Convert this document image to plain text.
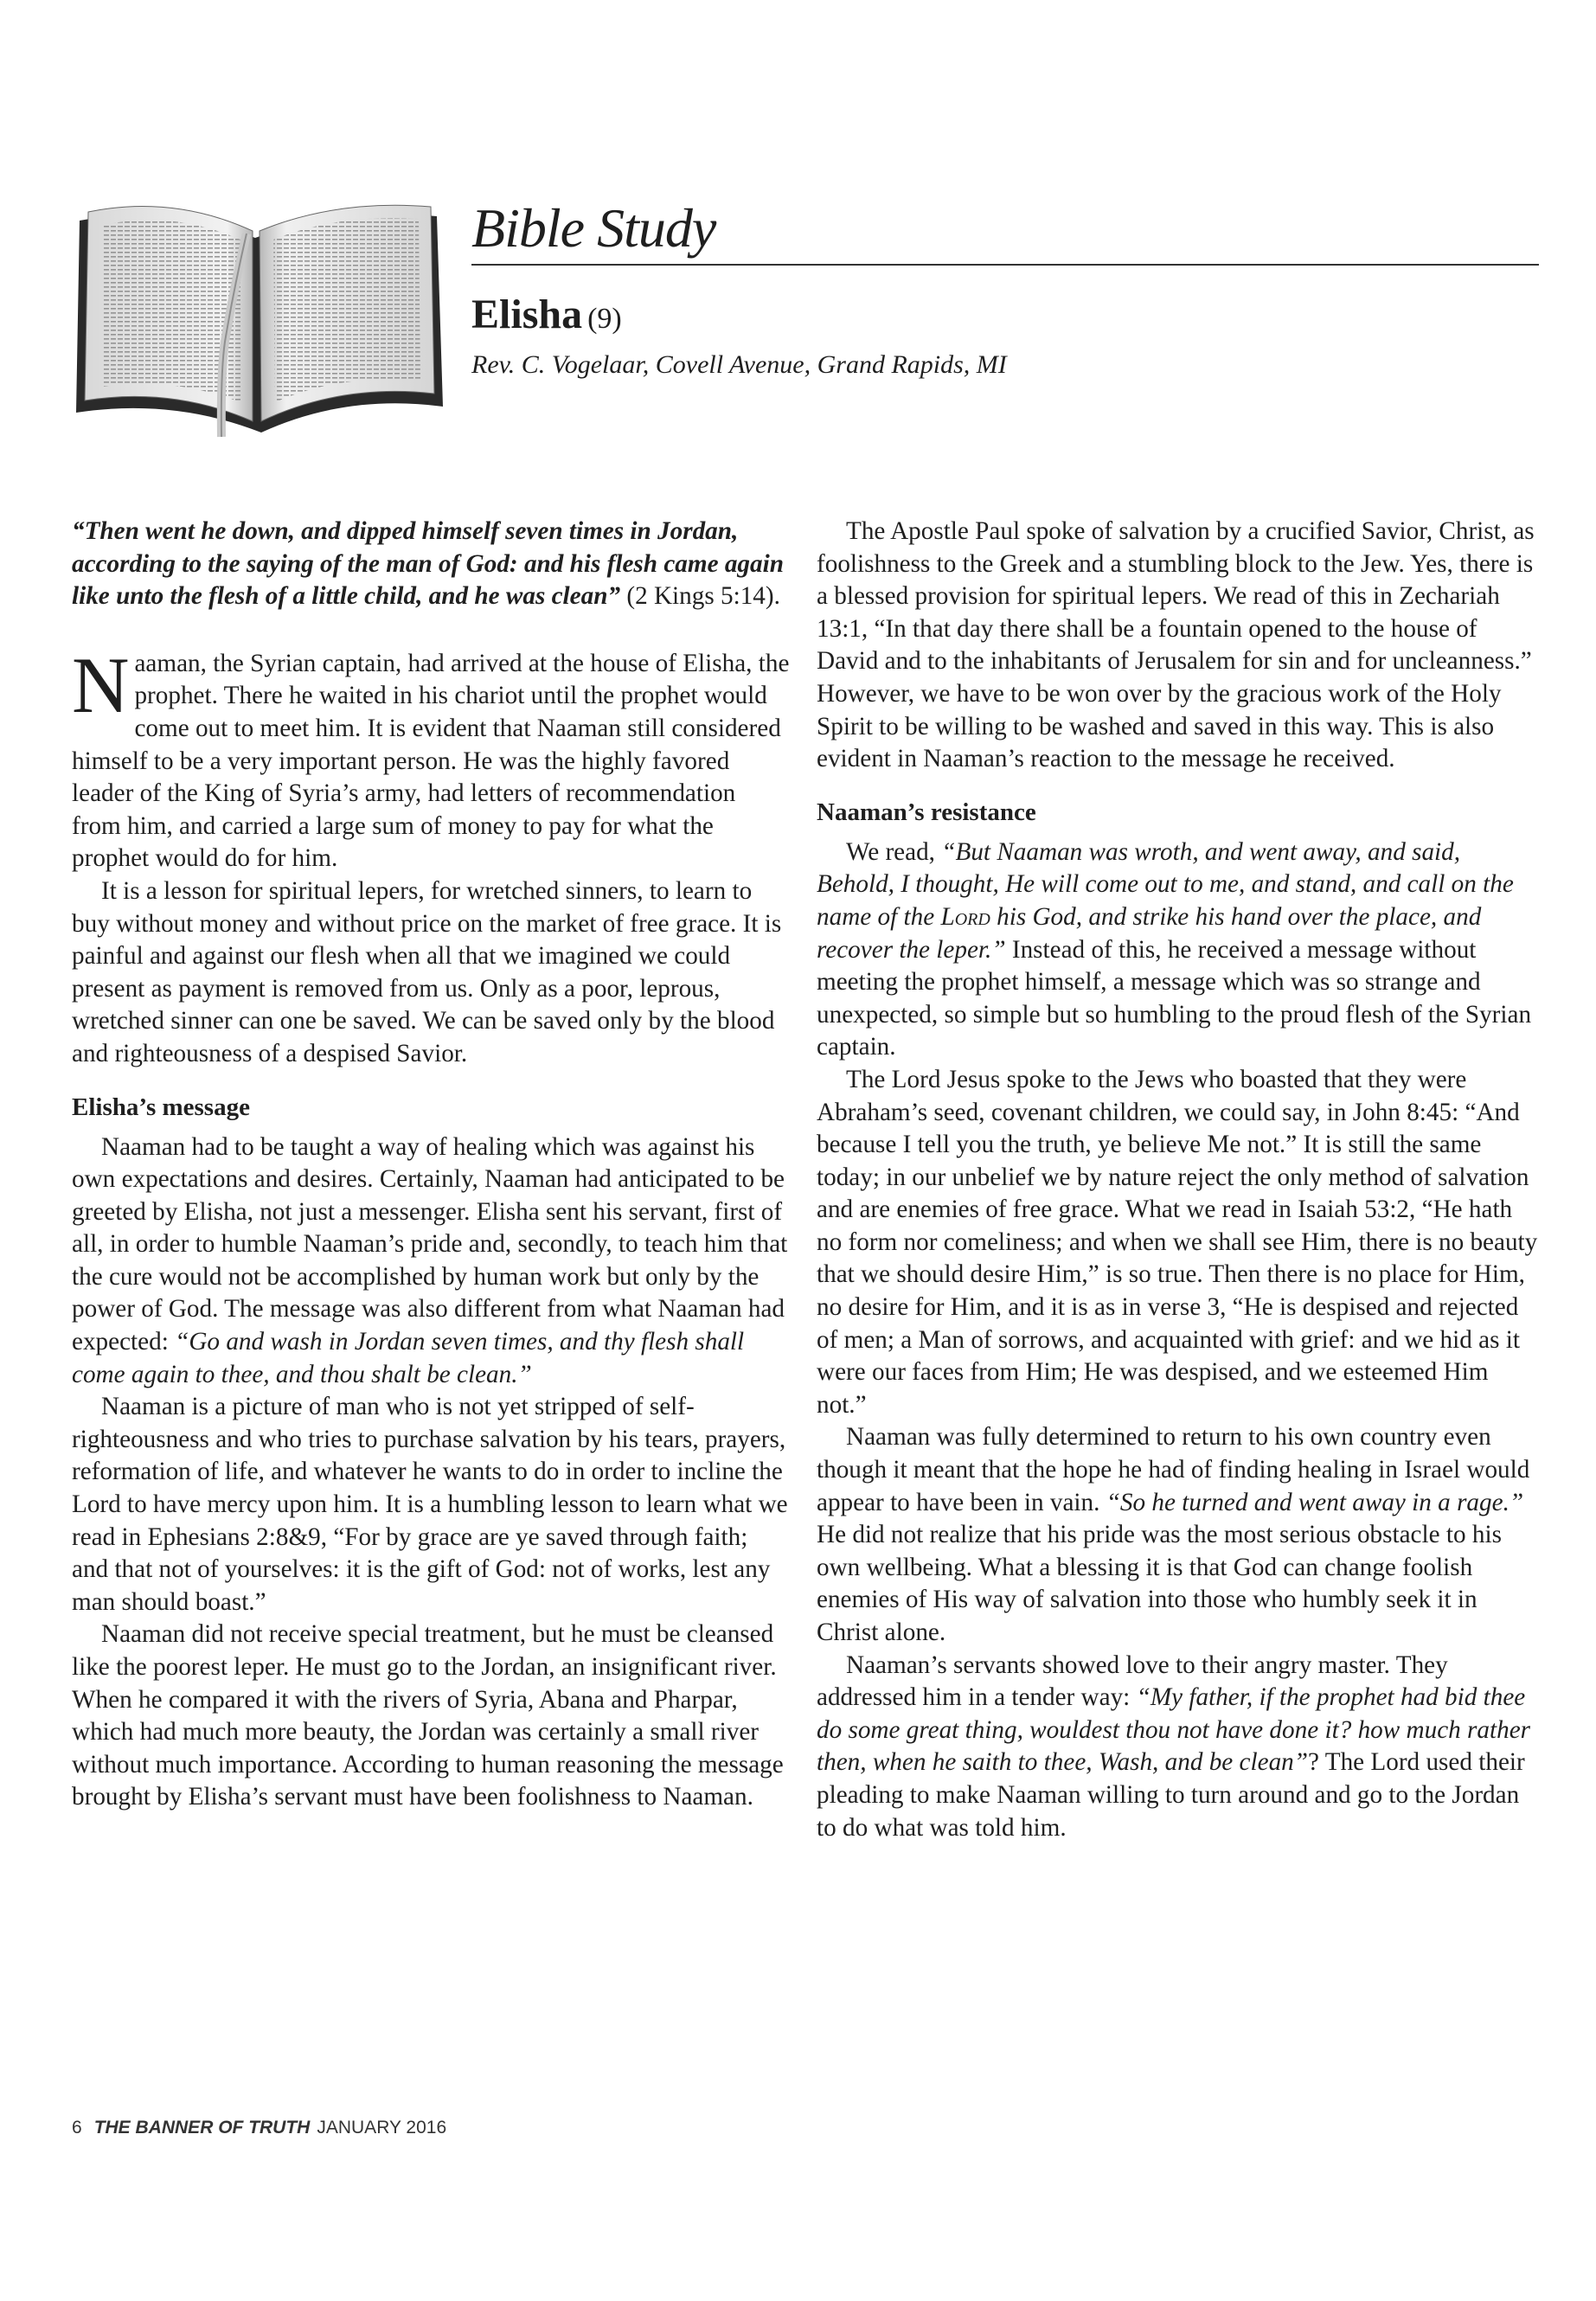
Bible Study
Elisha (9)

Rev. C. Vogelaar, Covell Avenue, Grand Rapids, MI

“Then went he down, and dipped himself seven times in Jordan, according to the saying of the man of God: and his flesh came again like unto the flesh of a little child, and he was clean” (2 Kings 5:14).

Naaman, the Syrian captain, had arrived at the house of Elisha, the prophet. There he waited in his chariot until the prophet would come out to meet him. It is evident that Naaman still considered himself to be a very important person. He was the highly favored leader of the King of Syria’s army, had letters of recommendation from him, and carried a large sum of money to pay for what the prophet would do for him.

It is a lesson for spiritual lepers, for wretched sinners, to learn to buy without money and without price on the market of free grace. It is painful and against our flesh when all that we imagined we could present as payment is removed from us. Only as a poor, leprous, wretched sinner can one be saved. We can be saved only by the blood and righteousness of a despised Savior.

Elisha’s message

Naaman had to be taught a way of healing which was against his own expectations and desires. Certainly, Naaman had anticipated to be greeted by Elisha, not just a messenger. Elisha sent his servant, first of all, in order to humble Naaman’s pride and, secondly, to teach him that the cure would not be accomplished by human work but only by the power of God. The message was also different from what Naaman had expected: “Go and wash in Jordan seven times, and thy flesh shall come again to thee, and thou shalt be clean.”

Naaman is a picture of man who is not yet stripped of self-righteousness and who tries to purchase salvation by his tears, prayers, reformation of life, and whatever he wants to do in order to incline the Lord to have mercy upon him. It is a humbling lesson to learn what we read in Ephesians 2:8&9, “For by grace are ye saved through faith; and that not of yourselves: it is the gift of God: not of works, lest any man should boast.”

Naaman did not receive special treatment, but he must be cleansed like the poorest leper. He must go to the Jordan, an insignificant river. When he compared it with the rivers of Syria, Abana and Pharpar, which had much more beauty, the Jordan was certainly a small river without much importance. According to human reasoning the message brought by Elisha’s servant must have been foolishness to Naaman.

The Apostle Paul spoke of salvation by a crucified Savior, Christ, as foolishness to the Greek and a stumbling block to the Jew. Yes, there is a blessed provision for spiritual lepers. We read of this in Zechariah 13:1, “In that day there shall be a fountain opened to the house of David and to the inhabitants of Jerusalem for sin and for uncleanness.” However, we have to be won over by the gracious work of the Holy Spirit to be willing to be washed and saved in this way. This is also evident in Naaman’s reaction to the message he received.

Naaman’s resistance

We read, “But Naaman was wroth, and went away, and said, Behold, I thought, He will come out to me, and stand, and call on the name of the Lord his God, and strike his hand over the place, and recover the leper.” Instead of this, he received a message without meeting the prophet himself, a message which was so strange and unexpected, so simple but so humbling to the proud flesh of the Syrian captain.

The Lord Jesus spoke to the Jews who boasted that they were Abraham’s seed, covenant children, we could say, in John 8:45: “And because I tell you the truth, ye believe Me not.” It is still the same today; in our unbelief we by nature reject the only method of salvation and are enemies of free grace. What we read in Isaiah 53:2, “He hath no form nor comeliness; and when we shall see Him, there is no beauty that we should desire Him,” is so true. Then there is no place for Him, no desire for Him, and it is as in verse 3, “He is despised and rejected of men; a Man of sorrows, and acquainted with grief: and we hid as it were our faces from Him; He was despised, and we esteemed Him not.”

Naaman was fully determined to return to his own country even though it meant that the hope he had of finding healing in Israel would appear to have been in vain. “So he turned and went away in a rage.” He did not realize that his pride was the most serious obstacle to his own wellbeing. What a blessing it is that God can change foolish enemies of His way of salvation into those who humbly seek it in Christ alone.

Naaman’s servants showed love to their angry master. They addressed him in a tender way: “My father, if the prophet had bid thee do some great thing, wouldest thou not have done it? how much rather then, when he saith to thee, Wash, and be clean”? The Lord used their pleading to make Naaman willing to turn around and go to the Jordan to do what was told him.

6 THE BANNER OF TRUTH JANUARY 2016
